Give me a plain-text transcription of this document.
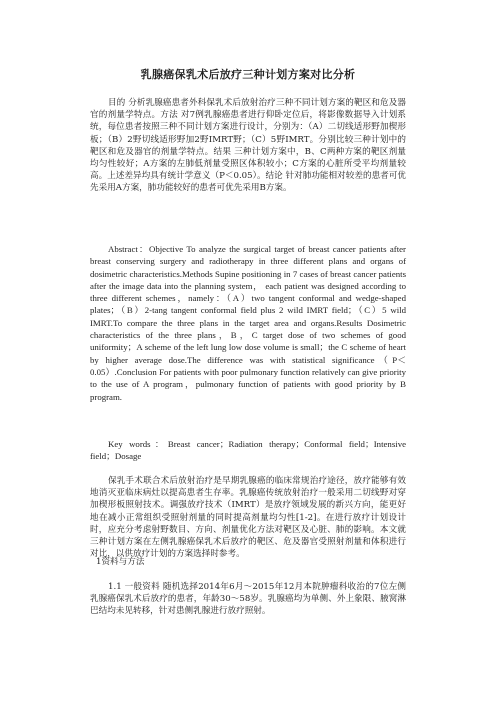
乳腺癌保乳术后放疗三种计划方案对比分析
目的 分析乳腺癌患者外科保乳术后放射治疗三种不同计划方案的靶区和危及器官的剂量学特点。方法 对7例乳腺癌患者进行仰卧定位后，将影像数据导入计划系统，每位患者按照三种不同计划方案进行设计，分别为：（A）二切线适形野加楔形板；（B）2野切线适形野加2野IMRT野；（C）5野IMRT。分别比较三种计划中的靶区和危及器官的剂量学特点。结果 三种计划方案中，B、C两种方案的靶区剂量均匀性较好；A方案的左肺低剂量受照区体积较小；C方案的心脏所受平均剂量较高。上述差异均具有统计学意义（P＜0.05）。结论 针对肺功能相对较差的患者可优先采用A方案，肺功能较好的患者可优先采用B方案。
Abstract：Objective To analyze the surgical target of breast cancer patients after breast conserving surgery and radiotherapy in three different plans and organs of dosimetric characteristics.Methods Supine positioning in 7 cases of breast cancer patients after the image data into the planning system， each patient was designed according to three different schemes，namely：（A）two tangent conformal and wedge-shaped plates；（B）2-tang tangent conformal field plus 2 wild IMRT field；（C）5 wild IMRT.To compare the three plans in the target area and organs.Results Dosimetric characteristics of the three plans，B，C target dose of two schemes of good uniformity；A scheme of the left lung low dose volume is small；the C scheme of heart by higher average dose.The difference was with statistical significance（P＜0.05）.Conclusion For patients with poor pulmonary function relatively can give priority to the use of A program，pulmonary function of patients with good priority by B program.
Key words：Breast cancer；Radiation therapy；Conformal field；Intensive field；Dosage
保乳手术联合术后放射治疗是早期乳腺癌的临床常规治疗途径，放疗能够有效地消灭亚临床病灶以提高患者生存率。乳腺癌传统放射治疗一般采用二切线野对穿加楔形板照射技术。调强放疗技术（IMRT）是放疗领域发展的新兴方向，能更好地在减小正常组织受照射剂量的同时提高剂量均匀性[1-2]。在进行放疗计划设计时，应充分考虑射野数目、方向、剂量优化方法对靶区及心脏、肺的影响。本文就三种计划方案在左侧乳腺癌保乳术后放疗的靶区、危及器官受照射剂量和体积进行对比，以供放疗计划的方案选择时参考。
1资料与方法
1.1 一般资料 随机选择2014年6月～2015年12月本院肿瘤科收治的7位左侧乳腺癌保乳术后放疗的患者，年龄30～58岁。乳腺癌均为单侧、外上象限、腋窝淋巴结均未见转移，针对患侧乳腺进行放疗照射。
